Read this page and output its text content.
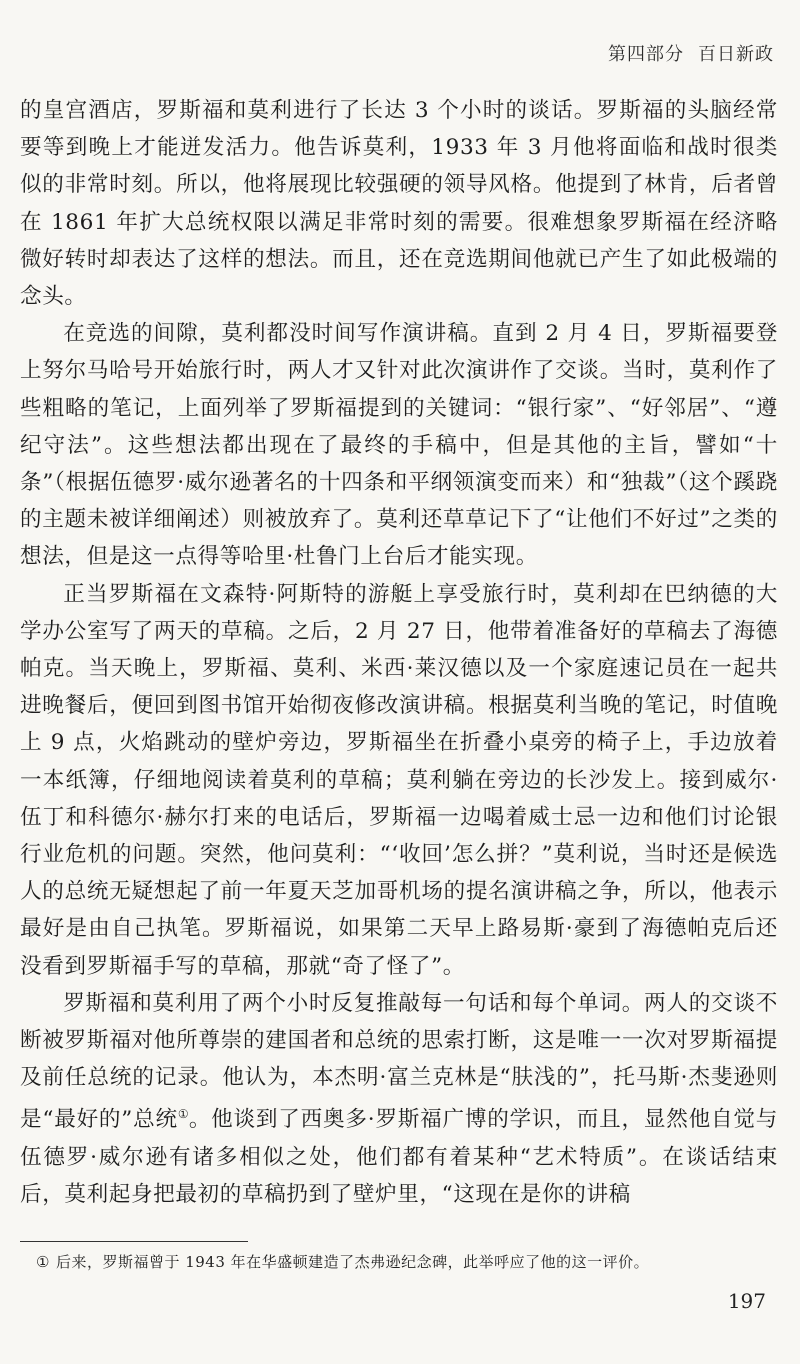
第四部分 百日新政

的皇宫酒店，罗斯福和莫利进行了长达 3 个小时的谈话。罗斯福的头脑经常要等到晚上才能迸发活力。他告诉莫利，1933 年 3 月他将面临和战时很类似的非常时刻。所以，他将展现比较强硬的领导风格。他提到了林肯，后者曾在 1861 年扩大总统权限以满足非常时刻的需要。很难想象罗斯福在经济略微好转时却表达了这样的想法。而且，还在竞选期间他就已产生了如此极端的念头。

在竞选的间隙，莫利都没时间写作演讲稿。直到 2 月 4 日，罗斯福要登上努尔马哈号开始旅行时，两人才又针对此次演讲作了交谈。当时，莫利作了些粗略的笔记，上面列举了罗斯福提到的关键词：“银行家”、“好邻居”、“遵纪守法”。这些想法都出现在了最终的手稿中，但是其他的主旨，譬如“十条”（根据伍德罗·威尔逊著名的十四条和平纲领演变而来）和“独裁”（这个蹊跷的主题未被详细阐述）则被放弃了。莫利还草草记下了“让他们不好过”之类的想法，但是这一点得等哈里·杜鲁门上台后才能实现。

正当罗斯福在文森特·阿斯特的游艇上享受旅行时，莫利却在巴纳德的大学办公室写了两天的草稿。之后，2 月 27 日，他带着准备好的草稿去了海德帕克。当天晚上，罗斯福、莫利、米西·莱汉德以及一个家庭速记员在一起共进晚餐后，便回到图书馆开始彻夜修改演讲稿。根据莫利当晚的笔记，时值晚上 9 点，火焰跳动的壁炉旁边，罗斯福坐在折叠小桌旁的椅子上，手边放着一本纸簿，仔细地阅读着莫利的草稿；莫利躺在旁边的长沙发上。接到威尔·伍丁和科德尔·赫尔打来的电话后，罗斯福一边喝着威士忌一边和他们讨论银行业危机的问题。突然，他问莫利：“‘收回’怎么拼？”莫利说，当时还是候选人的总统无疑想起了前一年夏天芝加哥机场的提名演讲稿之争，所以，他表示最好是由自己执笔。罗斯福说，如果第二天早上路易斯·豪到了海德帕克后还没看到罗斯福手写的草稿，那就“奇了怪了”。

罗斯福和莫利用了两个小时反复推敲每一句话和每个单词。两人的交谈不断被罗斯福对他所尊崇的建国者和总统的思索打断，这是唯一一次对罗斯福提及前任总统的记录。他认为，本杰明·富兰克林是“肤浅的”，托马斯·杰斐逊则是“最好的”总统①。他谈到了西奥多·罗斯福广博的学识，而且，显然他自觉与伍德罗·威尔逊有诸多相似之处，他们都有着某种“艺术特质”。在谈话结束后，莫利起身把最初的草稿扔到了壁炉里，“这现在是你的讲稿

① 后来，罗斯福曾于 1943 年在华盛顿建造了杰弗逊纪念碑，此举呼应了他的这一评价。
197
